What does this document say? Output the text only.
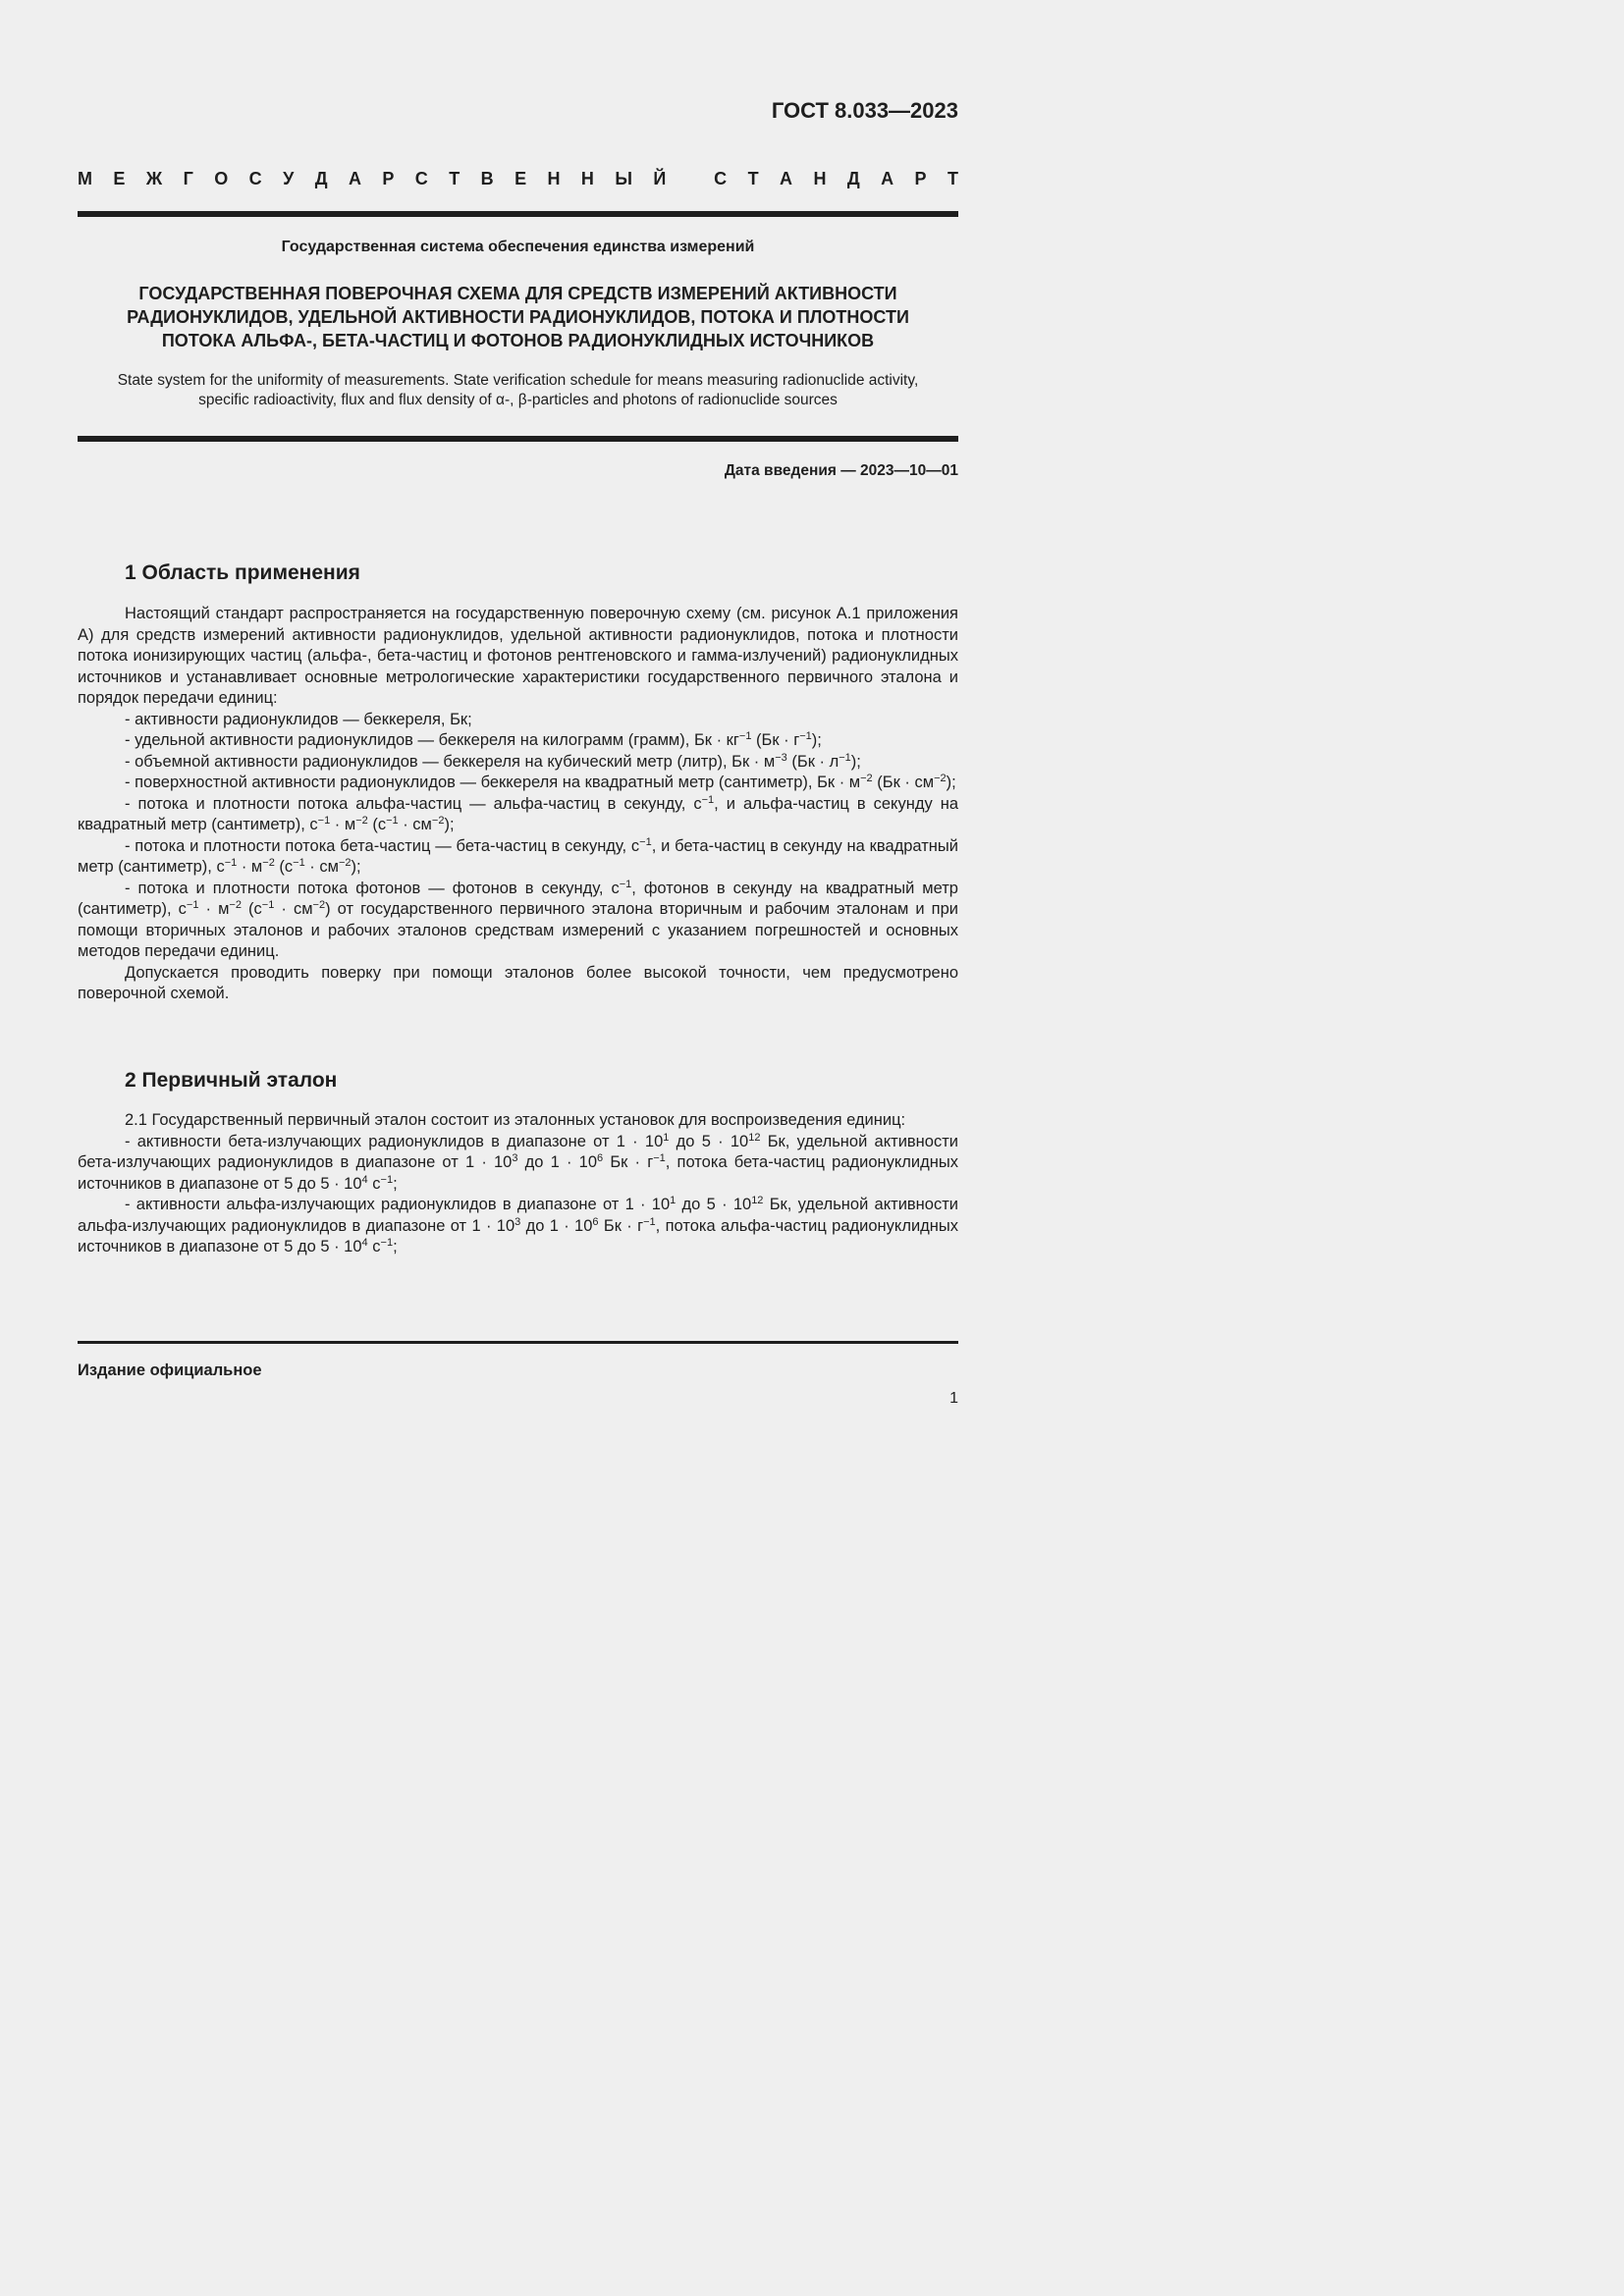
ГОСТ 8.033—2023
М Е Ж Г О С У Д А Р С Т В Е Н Н Ы Й	С Т А Н Д А Р Т
Государственная система обеспечения единства измерений
ГОСУДАРСТВЕННАЯ ПОВЕРОЧНАЯ СХЕМА ДЛЯ СРЕДСТВ ИЗМЕРЕНИЙ АКТИВНОСТИ
РАДИОНУКЛИДОВ, УДЕЛЬНОЙ АКТИВНОСТИ РАДИОНУКЛИДОВ, ПОТОКА И ПЛОТНОСТИ
ПОТОКА АЛЬФА-, БЕТА-ЧАСТИЦ И ФОТОНОВ РАДИОНУКЛИДНЫХ ИСТОЧНИКОВ
State system for the uniformity of measurements. State verification schedule for means measuring radionuclide activity,
specific radioactivity, flux and flux density of α-, β-particles and photons of radionuclide sources
Дата введения — 2023—10—01
1 Область применения

Настоящий стандарт распространяется на государственную поверочную схему (см. рисунок А.1 приложения А) для средств измерений активности радионуклидов, удельной активности радионуклидов, потока и плотности потока ионизирующих частиц (альфа-, бета-частиц и фотонов рентгеновского и гамма-излучений) радионуклидных источников и устанавливает основные метрологические характеристики государственного первичного эталона и порядок передачи единиц:

- активности радионуклидов — беккереля, Бк;

- удельной активности радионуклидов — беккереля на килограмм (грамм), Бк · $кг^{-1}$ $(Бк \cdot г^{-1})$;

- объемной активности радионуклидов — беккереля на кубический метр (литр), Бк · $м^{-3}$ $(Бк \cdot л^{-1})$;

- поверхностной активности радионуклидов — беккереля на квадратный метр (сантиметр), Бк · $м^{-2}$ $(Бк \cdot см^{-2})$;

- потока и плотности потока альфа-частиц — альфа-частиц в секунду, $с^{-1}$, и альфа-частиц в секунду на квадратный метр (сантиметр), $с^{-1} \cdot м^{-2}$ $(с^{-1} \cdot см^{-2})$;

- потока и плотности потока бета-частиц — бета-частиц в секунду, $с^{-1}$, и бета-частиц в секунду на квадратный метр (сантиметр), $с^{-1} \cdot м^{-2}$ $(с^{-1} \cdot см^{-2})$;

- потока и плотности потока фотонов — фотонов в секунду, $с^{-1}$, фотонов в секунду на квадратный метр (сантиметр), $с^{-1} \cdot м^{-2}$ $(с^{-1} \cdot см^{-2})$ от государственного первичного эталона вторичным и рабочим эталонам и при помощи вторичных эталонов и рабочих эталонов средствам измерений с указанием погрешностей и основных методов передачи единиц.

Допускается проводить поверку при помощи эталонов более высокой точности, чем предусмотрено поверочной схемой.

2 Первичный эталон

2.1 Государственный первичный эталон состоит из эталонных установок для воспроизведения единиц:

- активности бета-излучающих радионуклидов в диапазоне от $1 \cdot 10^1$ до $5 \cdot 10^{12}$ Бк, удельной активности бета-излучающих радионуклидов в диапазоне от $1 \cdot 10^3$ до $1 \cdot 10^6$ Бк · $г^{-1}$, потока бета-частиц радионуклидных источников в диапазоне от 5 до $5 \cdot 10^4$ $с^{-1}$;

- активности альфа-излучающих радионуклидов в диапазоне от $1 \cdot 10^1$ до $5 \cdot 10^{12}$ Бк, удельной активности альфа-излучающих радионуклидов в диапазоне от $1 \cdot 10^3$ до $1 \cdot 10^6$ Бк · $г^{-1}$, потока альфа-частиц радионуклидных источников в диапазоне от 5 до $5 \cdot 10^4$ $с^{-1}$;

Издание официальное
1
